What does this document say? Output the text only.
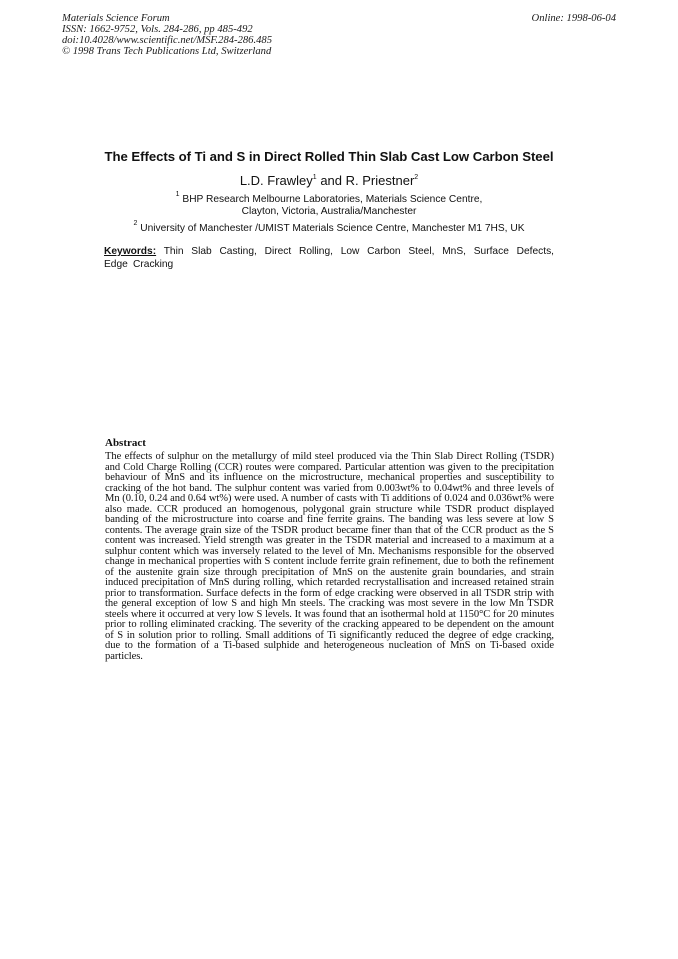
Materials Science Forum
ISSN: 1662-9752, Vols. 284-286, pp 485-492
doi:10.4028/www.scientific.net/MSF.284-286.485
© 1998 Trans Tech Publications Ltd, Switzerland
Online: 1998-06-04
The Effects of Ti and S in Direct Rolled Thin Slab Cast Low Carbon Steel
L.D. Frawley$^1$ and R. Priestner$^2$
$^1$ BHP Research Melbourne Laboratories, Materials Science Centre,
Clayton, Victoria, Australia/Manchester
$^2$ University of Manchester /UMIST Materials Science Centre, Manchester M1 7HS, UK
Keywords: Thin Slab Casting, Direct Rolling, Low Carbon Steel, MnS, Surface Defects, Edge Cracking
Abstract

The effects of sulphur on the metallurgy of mild steel produced via the Thin Slab Direct Rolling (TSDR) and Cold Charge Rolling (CCR) routes were compared. Particular attention was given to the precipitation behaviour of MnS and its influence on the microstructure, mechanical properties and susceptibility to cracking of the hot band. The sulphur content was varied from 0.003wt% to 0.04wt% and three levels of Mn (0.10, 0.24 and 0.64 wt%) were used. A number of casts with Ti additions of 0.024 and 0.036wt% were also made. CCR produced an homogenous, polygonal grain structure while TSDR product displayed banding of the microstructure into coarse and fine ferrite grains. The banding was less severe at low S contents. The average grain size of the TSDR product became finer than that of the CCR product as the S content was increased. Yield strength was greater in the TSDR material and increased to a maximum at a sulphur content which was inversely related to the level of Mn. Mechanisms responsible for the observed change in mechanical properties with S content include ferrite grain refinement, due to both the refinement of the austenite grain size through precipitation of MnS on the austenite grain boundaries, and strain induced precipitation of MnS during rolling, which retarded recrystallisation and increased retained strain prior to transformation. Surface defects in the form of edge cracking were observed in all TSDR strip with the general exception of low S and high Mn steels. The cracking was most severe in the low Mn TSDR steels where it occurred at very low S levels. It was found that an isothermal hold at 1150°C for 20 minutes prior to rolling eliminated cracking. The severity of the cracking appeared to be dependent on the amount of S in solution prior to rolling. Small additions of Ti significantly reduced the degree of edge cracking, due to the formation of a Ti-based sulphide and heterogeneous nucleation of MnS on Ti-based oxide particles.
